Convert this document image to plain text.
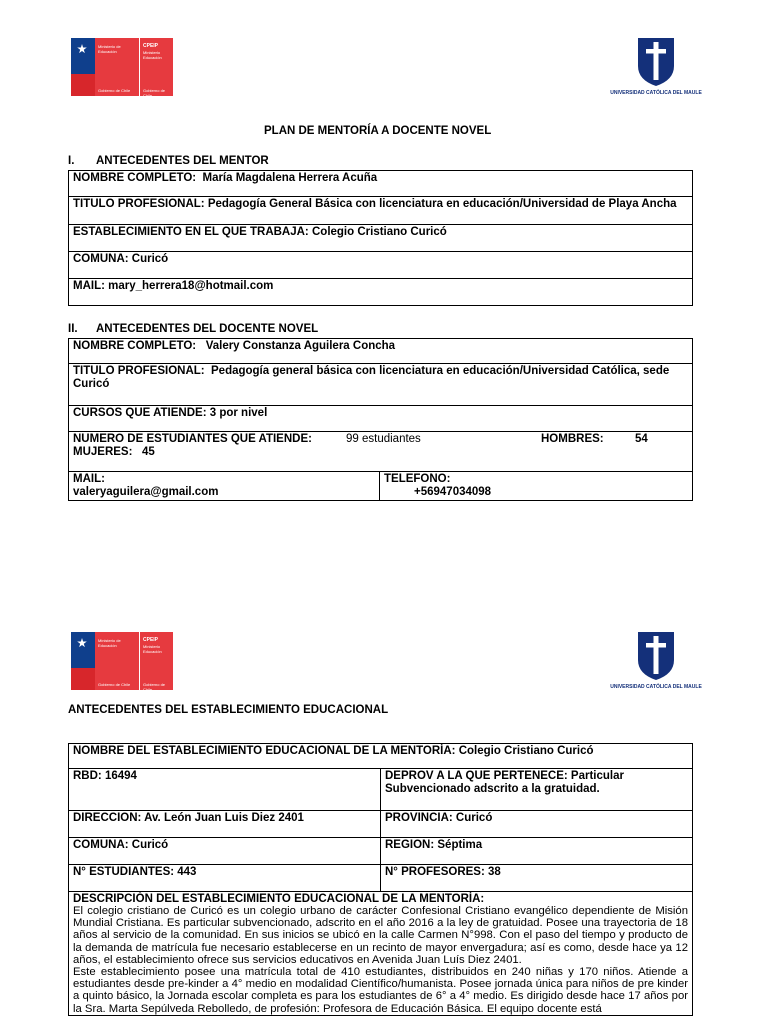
Ministerio de
Educación
Gobierno de Chile
CPEIP
Ministerio
Educación
Gobierno de Chile	UNIVERSIDAD CATÓLICA DEL MAULE
PLAN DE MENTORÍA A DOCENTE NOVEL
I. ANTECEDENTES DEL MENTOR
NOMBRE COMPLETO: María Magdalena Herrera Acuña
TITULO PROFESIONAL: Pedagogía General Básica con licenciatura en educación/Universidad de Playa Ancha
ESTABLECIMIENTO EN EL QUE TRABAJA: Colegio Cristiano Curicó
COMUNA: Curicó
MAIL: mary_herrera18@hotmail.com
II. ANTECEDENTES DEL DOCENTE NOVEL
NOMBRE COMPLETO: Valery Constanza Aguilera Concha
TITULO PROFESIONAL: Pedagogía general básica con licenciatura en educación/Universidad Católica, sede Curicó
CURSOS QUE ATIENDE: 3 por nivel
NUMERO DE ESTUDIANTES QUE ATIENDE:	99 estudiantes	HOMBRES:	54

MUJERES: 45
MAIL:
valeryaguilera@gmail.com	TELEFONO:
+56947034098
Ministerio de
Educación
Gobierno de Chile
CPEIP
Ministerio
Educación
Gobierno de Chile	UNIVERSIDAD CATÓLICA DEL MAULE
ANTECEDENTES DEL ESTABLECIMIENTO EDUCACIONAL
NOMBRE DEL ESTABLECIMIENTO EDUCACIONAL DE LA MENTORÍA: Colegio Cristiano Curicó	
RBD: 16494	DEPROV A LA QUE PERTENECE: Particular Subvencionado adscrito a la gratuidad.
DIRECCION: Av. León Juan Luis Diez 2401	PROVINCIA: Curicó
COMUNA: Curicó	REGION: Séptima
N° ESTUDIANTES: 443	N° PROFESORES: 38

DESCRIPCIÓN DEL ESTABLECIMIENTO EDUCACIONAL DE LA MENTORÍA:
El colegio cristiano de Curicó es un colegio urbano de carácter Confesional Cristiano evangélico dependiente de Misión Mundial Cristiana. Es particular subvencionado, adscrito en el año 2016 a la ley de gratuidad. Posee una trayectoria de 18 años al servicio de la comunidad. En sus inicios se ubicó en la calle Carmen N°998. Con el paso del tiempo y producto de la demanda de matrícula fue necesario establecerse en un recinto de mayor envergadura; así es como, desde hace ya 12 años, el establecimiento ofrece sus servicios educativos en Avenida Juan Luís Diez 2401.
Este establecimiento posee una matrícula total de 410 estudiantes, distribuidos en 240 niñas y 170 niños. Atiende a estudiantes desde pre-kinder a 4° medio en modalidad Científico/humanista. Posee jornada única para niños de pre kinder a quinto básico, la Jornada escolar completa es para los estudiantes de 6° a 4° medio. Es dirigido desde hace 17 años por la Sra. Marta Sepúlveda Rebolledo, de profesión: Profesora de Educación Básica. El equipo docente está	
